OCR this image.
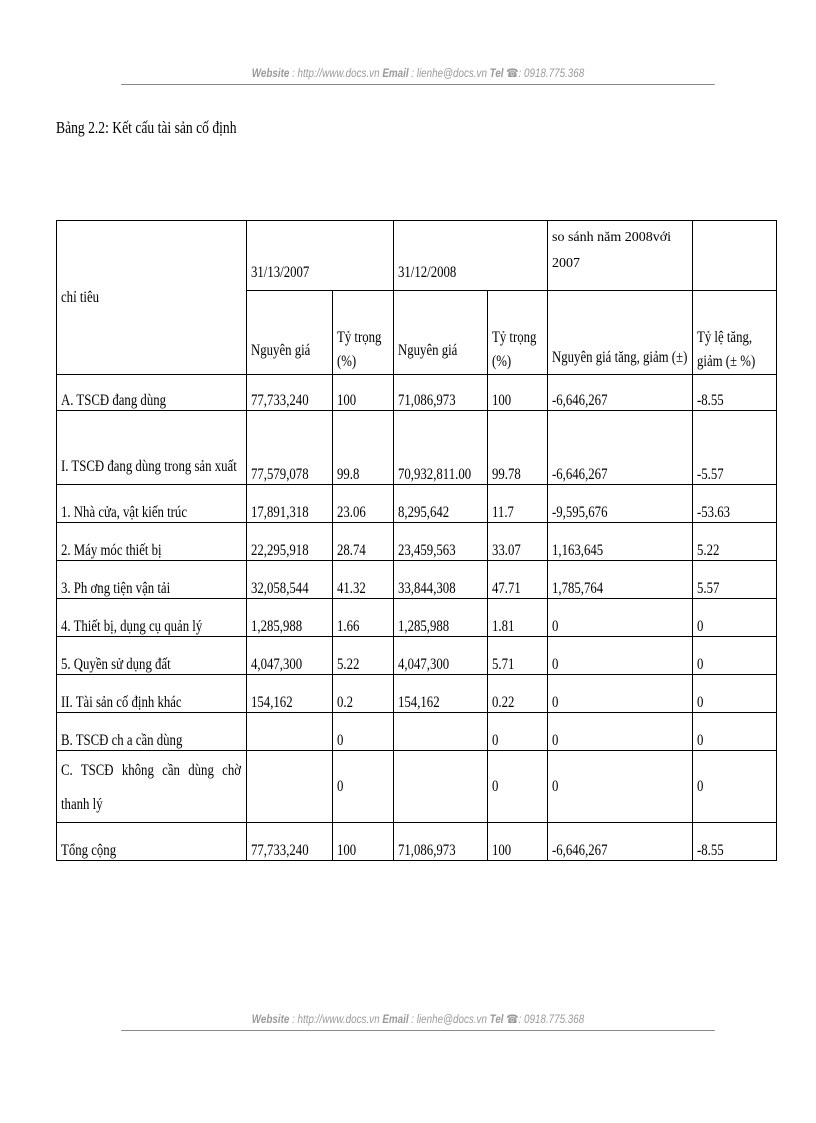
Website : http://www.docs.vn Email : lienhe@docs.vn Tel ☎: 0918.775.368
Bảng 2.2: Kết cấu tài sản cố định
chỉ tiêu	31/13/2007		31/12/2008		so sánh năm 2008với 2007	
	Nguyên giá	Tỷ trọng (%)	Nguyên giá	Tỷ trọng (%)	Nguyên giá tăng, giảm (±)	Tỷ lệ tăng, giảm (± %)
A. TSCĐ đang dùng	77,733,240	100	71,086,973	100	-6,646,267	-8.55
I. TSCĐ đang dùng trong sản xuất	77,579,078	99.8	70,932,811.00	99.78	-6,646,267	-5.57
1. Nhà cửa, vật kiến trúc	17,891,318	23.06	8,295,642	11.7	-9,595,676	-53.63
2. Máy móc thiết bị	22,295,918	28.74	23,459,563	33.07	1,163,645	5.22
3. Ph ơng tiện vận tải	32,058,544	41.32	33,844,308	47.71	1,785,764	5.57
4. Thiết bị, dụng cụ quản lý	1,285,988	1.66	1,285,988	1.81	0	0
5. Quyền sử dụng đất	4,047,300	5.22	4,047,300	5.71	0	0
II. Tài sản cố định khác	154,162	0.2	154,162	0.22	0	0
B. TSCĐ ch a cần dùng		0		0	0	0
C. TSCĐ không cần dùng chờ thanh lý		0		0	0	0
Tổng cộng	77,733,240	100	71,086,973	100	-6,646,267	-8.55
Website : http://www.docs.vn Email : lienhe@docs.vn Tel ☎: 0918.775.368
